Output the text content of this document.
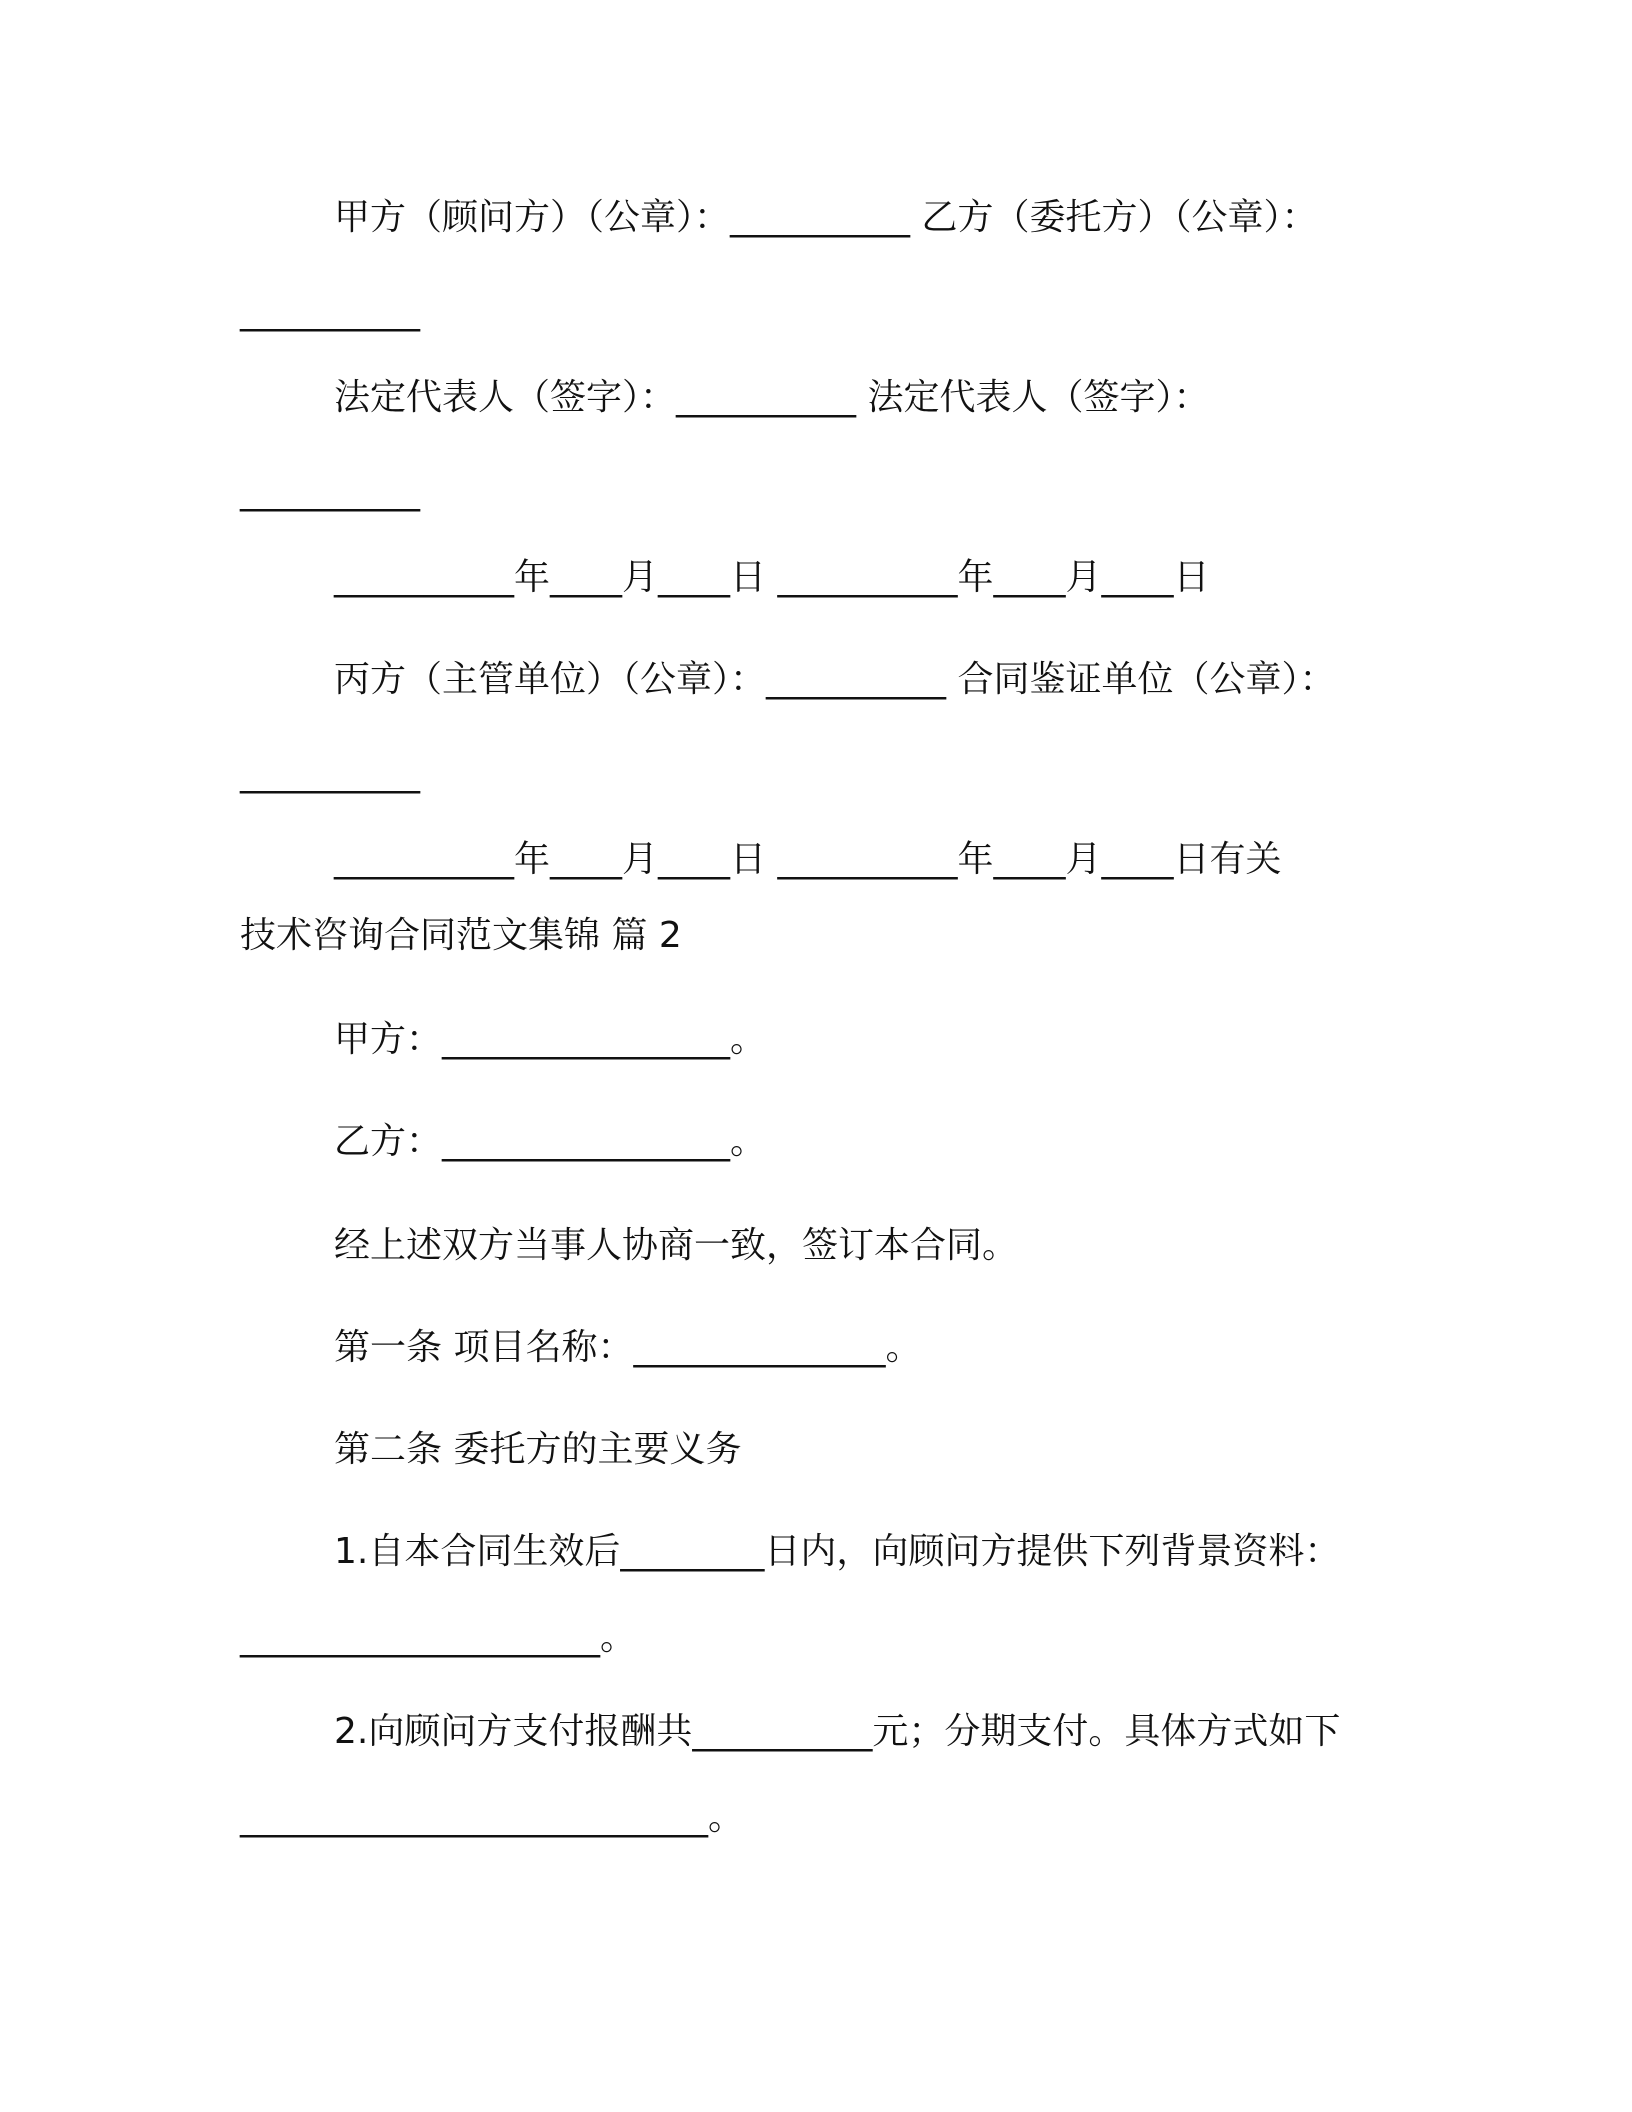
甲方（顾问方）（公章）：__________ 乙方（委托方）（公章）：
__________
法定代表人（签字）：__________ 法定代表人（签字）：
__________
__________年____月____日 __________年____月____日
丙方（主管单位）（公章）：__________ 合同鉴证单位（公章）：
__________
__________年____月____日 __________年____月____日有关
技术咨询合同范文集锦 篇 2
甲方：________________。
乙方：________________。
经上述双方当事人协商一致，签订本合同。
第一条 项目名称：______________。
第二条 委托方的主要义务
1.自本合同生效后________日内，向顾问方提供下列背景资料：
____________________。
2.向顾问方支付报酬共__________元；分期支付。具体方式如下
__________________________。
